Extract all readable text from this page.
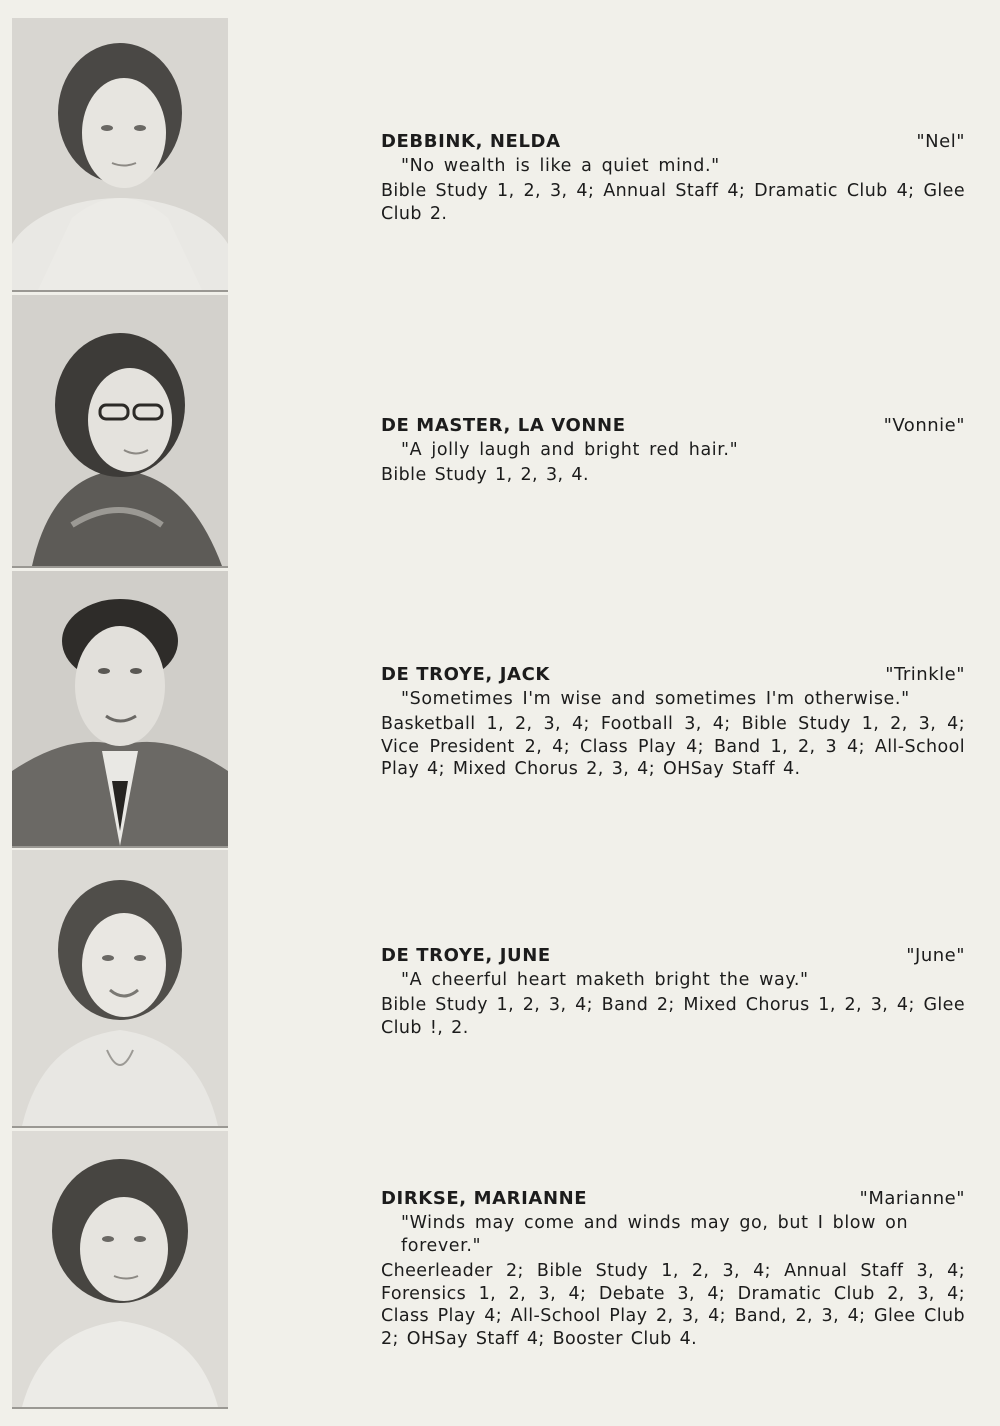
DEBBINK, NELDA	"Nel"

"No wealth is like a quiet mind."

Bible Study 1, 2, 3, 4; Annual Staff 4; Dramatic Club 4; Glee Club 2.

DE MASTER, LA VONNE	"Vonnie"

"A jolly laugh and bright red hair."

Bible Study 1, 2, 3, 4.

DE TROYE, JACK	"Trinkle"

"Sometimes I'm wise and sometimes I'm otherwise."

Basketball 1, 2, 3, 4; Football 3, 4; Bible Study 1, 2, 3, 4; Vice President 2, 4; Class Play 4; Band 1, 2, 3 4; All-School Play 4; Mixed Chorus 2, 3, 4; OHSay Staff 4.

DE TROYE, JUNE	"June"

"A cheerful heart maketh bright the way."

Bible Study 1, 2, 3, 4; Band 2; Mixed Chorus 1, 2, 3, 4; Glee Club !, 2.

DIRKSE, MARIANNE	"Marianne"

"Winds may come and winds may go, but I blow on forever."

Cheerleader 2; Bible Study 1, 2, 3, 4; Annual Staff 3, 4; Forensics 1, 2, 3, 4; Debate 3, 4; Dramatic Club 2, 3, 4; Class Play 4; All-School Play 2, 3, 4; Band, 2, 3, 4; Glee Club 2; OHSay Staff 4; Booster Club 4.
